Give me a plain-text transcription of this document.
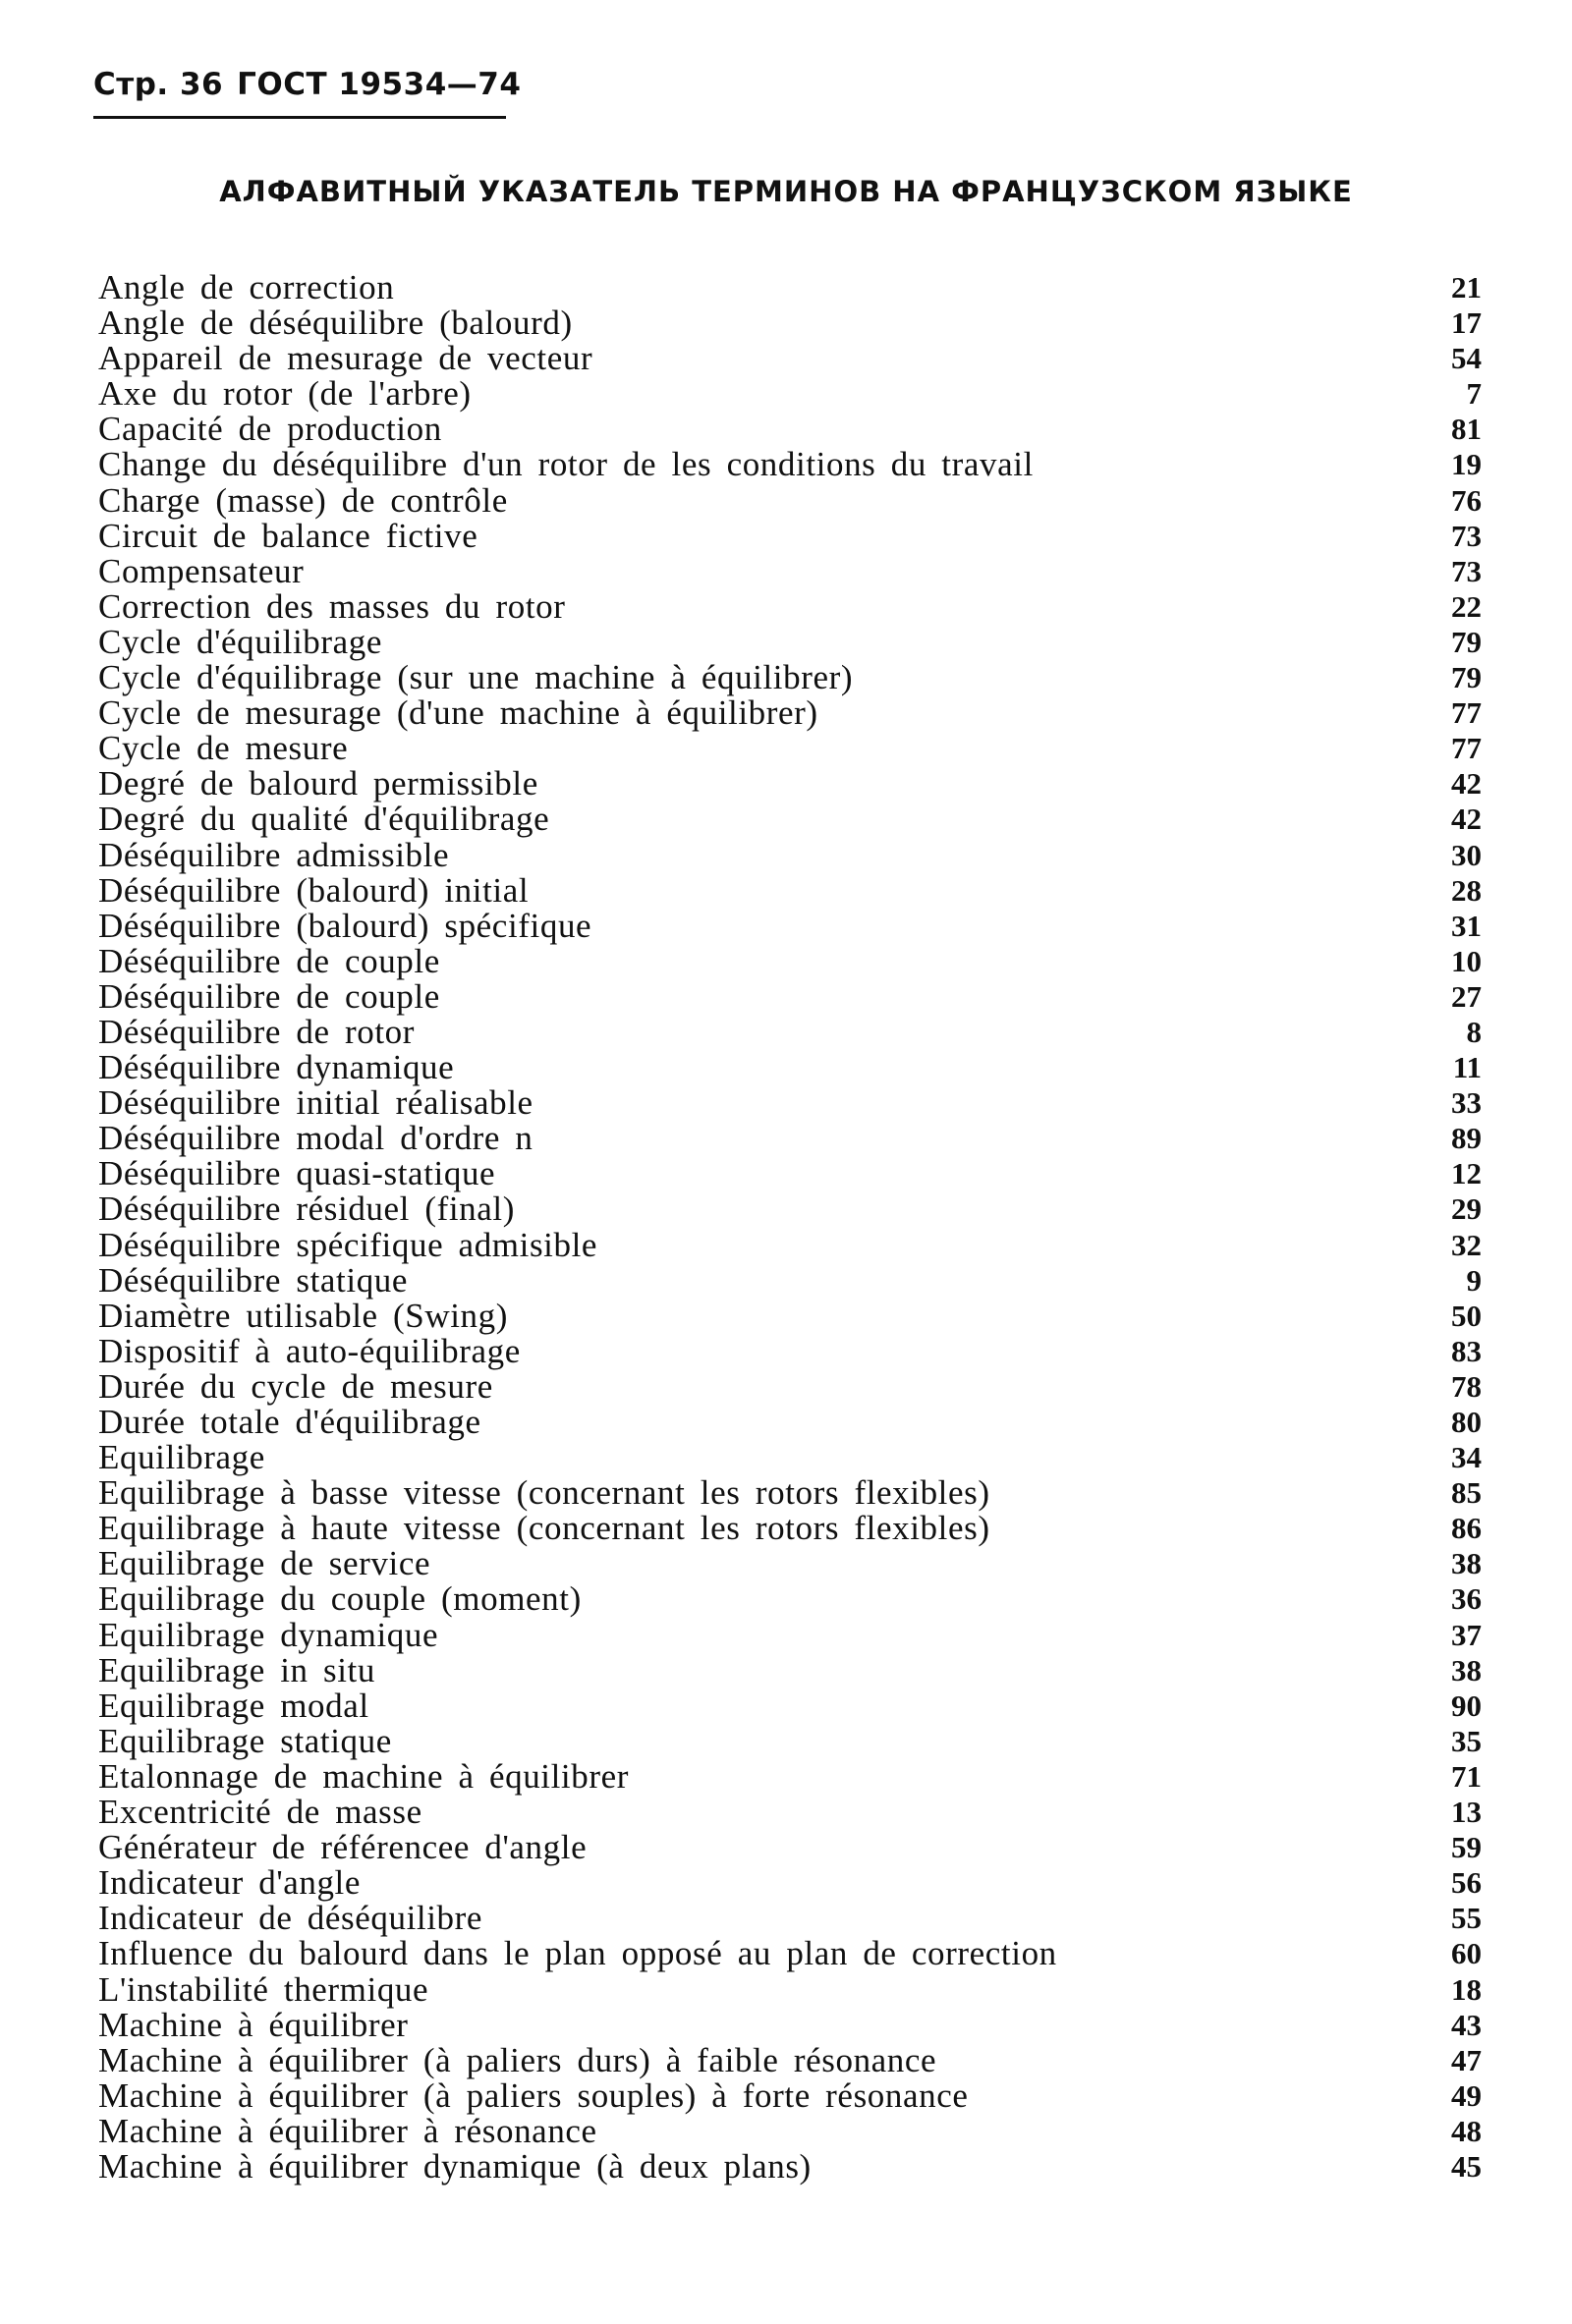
Стр. 36 ГОСТ 19534—74
АЛФАВИТНЫЙ УКАЗАТЕЛЬ ТЕРМИНОВ НА ФРАНЦУЗСКОМ ЯЗЫКЕ
Angle de correction	21
Angle de déséquilibre (balourd)	17
Appareil de mesurage de vecteur	54
Axe du rotor (de l'arbre)	7
Capacité de production	81
Change du déséquilibre d'un rotor de les conditions du travail	19
Charge (masse) de contrôle	76
Circuit de balance fictive	73
Compensateur	73
Correction des masses du rotor	22
Cycle d'équilibrage	79
Cycle d'équilibrage (sur une machine à équilibrer)	79
Cycle de mesurage (d'une machine à équilibrer)	77
Cycle de mesure	77
Degré de balourd permissible	42
Degré du qualité d'équilibrage	42
Déséquilibre admissible	30
Déséquilibre (balourd) initial	28
Déséquilibre (balourd) spécifique	31
Déséquilibre de couple	10
Déséquilibre de couple	27
Déséquilibre de rotor	8
Déséquilibre dynamique	11
Déséquilibre initial réalisable	33
Déséquilibre modal d'ordre n	89
Déséquilibre quasi-statique	12
Déséquilibre résiduel (final)	29
Déséquilibre spécifique admisible	32
Déséquilibre statique	9
Diamètre utilisable (Swing)	50
Dispositif à auto-équilibrage	83
Durée du cycle de mesure	78
Durée totale d'équilibrage	80
Equilibrage	34
Equilibrage à basse vitesse (concernant les rotors flexibles)	85
Equilibrage à haute vitesse (concernant les rotors flexibles)	86
Equilibrage de service	38
Equilibrage du couple (moment)	36
Equilibrage dynamique	37
Equilibrage in situ	38
Equilibrage modal	90
Equilibrage statique	35
Etalonnage de machine à équilibrer	71
Excentricité de masse	13
Générateur de référencee d'angle	59
Indicateur d'angle	56
Indicateur de déséquilibre	55
Influence du balourd dans le plan opposé au plan de correction	60
L'instabilité thermique	18
Machine à équilibrer	43
Machine à équilibrer (à paliers durs) à faible résonance	47
Machine à équilibrer (à paliers souples) à forte résonance	49
Machine à équilibrer à résonance	48
Machine à équilibrer dynamique (à deux plans)	45
